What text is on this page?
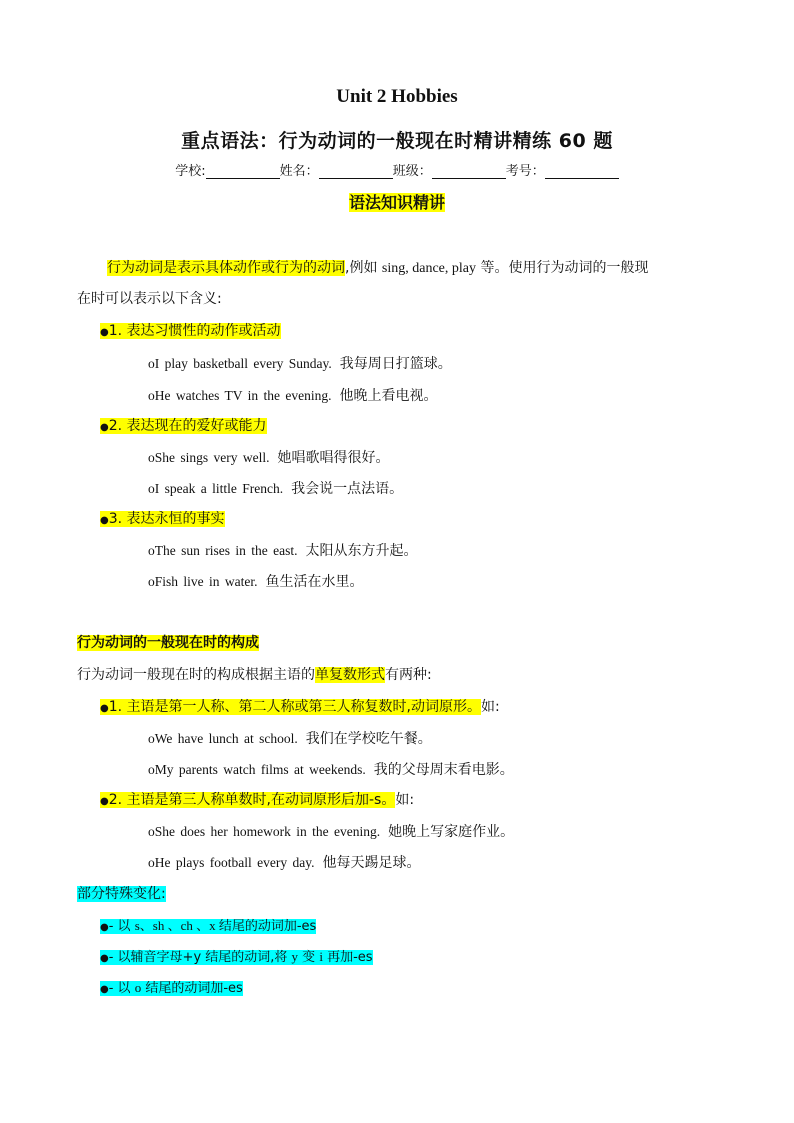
Unit 2 Hobbies
重点语法：行为动词的一般现在时精讲精练 60 题
学校:	姓名：	班级：	考号：
语法知识精讲
行为动词是表示具体动作或行为的动词,例如 sing, dance, play 等。使用行为动词的一般现
在时可以表示以下含义:
●1. 表达习惯性的动作或活动
oI play basketball every Sunday. 我每周日打篮球。
oHe watches TV in the evening. 他晚上看电视。
●2. 表达现在的爱好或能力
oShe sings very well. 她唱歌唱得很好。
oI speak a little French. 我会说一点法语。
●3. 表达永恒的事实
oThe sun rises in the east. 太阳从东方升起。
oFish live in water. 鱼生活在水里。
行为动词的一般现在时的构成
行为动词一般现在时的构成根据主语的单复数形式有两种:
●1. 主语是第一人称、第二人称或第三人称复数时,动词原形。如:
oWe have lunch at school. 我们在学校吃午餐。
oMy parents watch films at weekends. 我的父母周末看电影。
●2. 主语是第三人称单数时,在动词原形后加-s。如:
oShe does her homework in the evening. 她晚上写家庭作业。
oHe plays football every day. 他每天踢足球。
部分特殊变化:
●- 以 s、sh 、ch 、x 结尾的动词加-es
●- 以辅音字母+y 结尾的动词,将 y 变 i 再加-es
●- 以 o 结尾的动词加-es
